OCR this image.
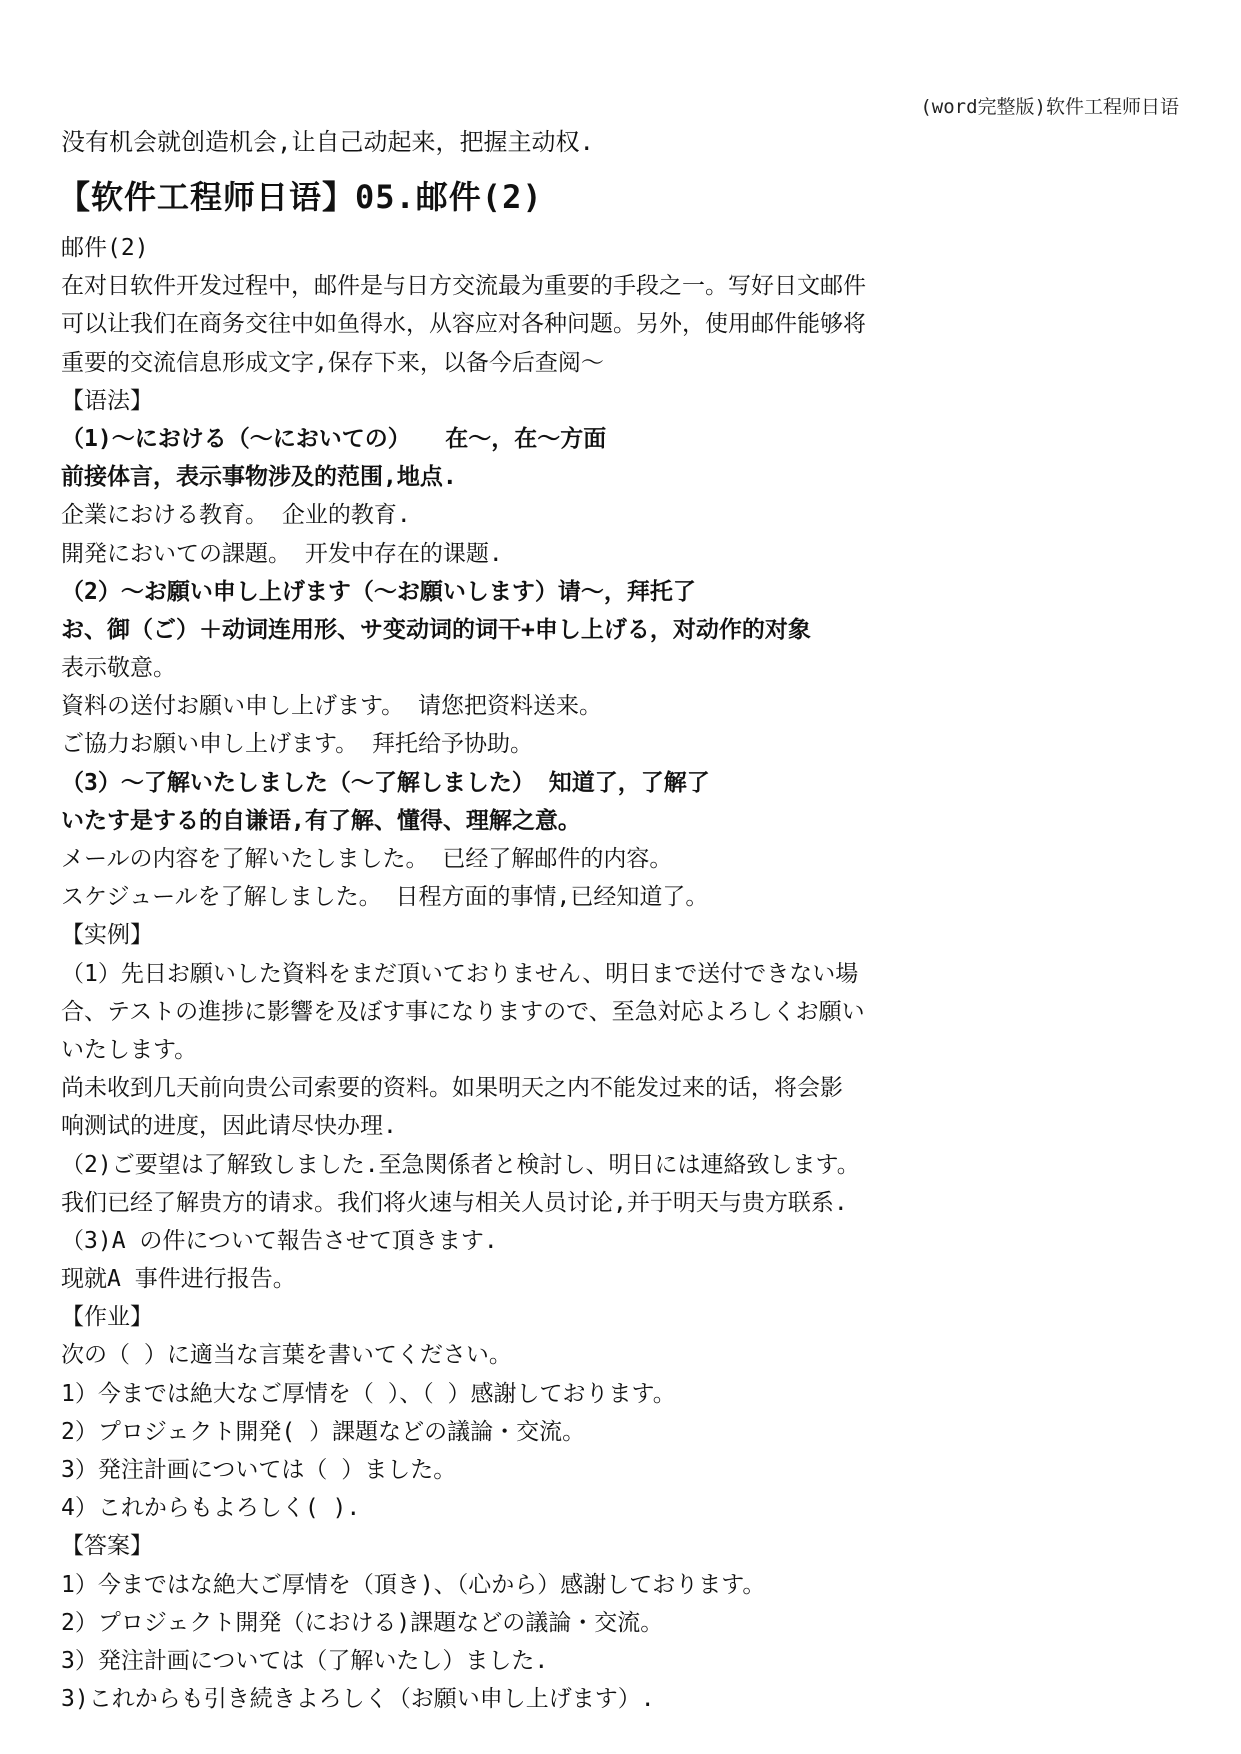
(word完整版)软件工程师日语
没有机会就创造机会,让自己动起来，把握主动权.
【软件工程师日语】05.邮件(2)
邮件(2)
在对日软件开发过程中，邮件是与日方交流最为重要的手段之一。写好日文邮件
可以让我们在商务交往中如鱼得水，从容应对各种问题。另外，使用邮件能够将
重要的交流信息形成文字,保存下来，以备今后查阅～
【语法】
（1)～における（～においての）　　在～，在～方面
前接体言，表示事物涉及的范围,地点.
企業における教育。 企业的教育.
開発においての課題。 开发中存在的课题.
（2）～お願い申し上げます（～お願いします）请～，拜托了
お、御（ご）＋动词连用形、サ变动词的词干+申し上げる，对动作的对象
表示敬意。
資料の送付お願い申し上げます。 请您把资料送来。
ご協力お願い申し上げます。 拜托给予协助。
（3）～了解いたしました（～了解しました） 知道了，了解了
いたす是する的自谦语,有了解、懂得、理解之意。
メールの内容を了解いたしました。 已经了解邮件的内容。
スケジュールを了解しました。 日程方面的事情,已经知道了。
【实例】
（1）先日お願いした資料をまだ頂いておりません、明日まで送付できない場
合、テストの進捗に影響を及ぼす事になりますので、至急対応よろしくお願い
いたします。
尚未收到几天前向贵公司索要的资料。如果明天之内不能发过来的话，将会影
响测试的进度，因此请尽快办理.
（2)ご要望は了解致しました.至急関係者と検討し、明日には連絡致します。
我们已经了解贵方的请求。我们将火速与相关人员讨论,并于明天与贵方联系.
（3)A の件について報告させて頂きます.
现就A 事件进行报告。
【作业】
次の（ ）に適当な言葉を書いてください。
1）今までは絶大なご厚情を（ ）、（ ）感謝しております。
2）プロジェクト開発( ）課題などの議論・交流。
3）発注計画については（ ）ました。
4）これからもよろしく( ).
【答案】
1）今まではな絶大ご厚情を（頂き)、（心から）感謝しております。
2）プロジェクト開発（における)課題などの議論・交流。
3）発注計画については（了解いたし）ました.
3)これからも引き続きよろしく（お願い申し上げます）.
